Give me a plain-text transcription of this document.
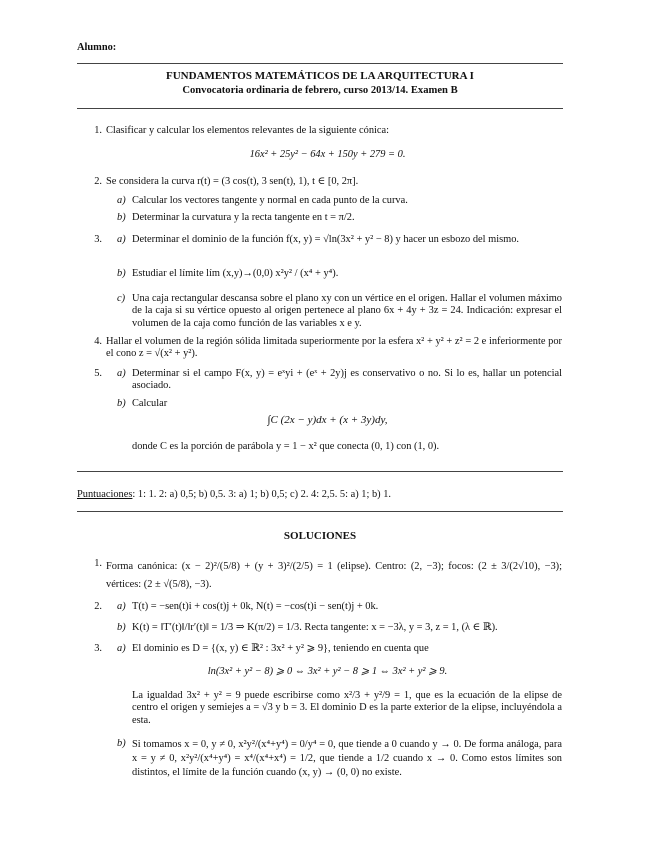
Alumno:
FUNDAMENTOS MATEMÁTICOS DE LA ARQUITECTURA I
Convocatoria ordinaria de febrero, curso 2013/14. Examen B
1. Clasificar y calcular los elementos relevantes de la siguiente cónica:
16x² + 25y² − 64x + 150y + 279 = 0.
2. Se considera la curva r(t) = (3 cos(t), 3 sen(t), 1), t ∈ [0, 2π].
a) Calcular los vectores tangente y normal en cada punto de la curva.
b) Determinar la curvatura y la recta tangente en t = π/2.
3. a) Determinar el dominio de la función f(x, y) = √ln(3x² + y² − 8) y hacer un esbozo del mismo.
b) Estudiar el límite lím (x,y)→(0,0) x²y² / (x⁴ + y⁴).
c) Una caja rectangular descansa sobre el plano xy con un vértice en el origen. Hallar el volumen máximo de la caja si su vértice opuesto al origen pertenece al plano 6x + 4y + 3z = 24. Indicación: expresar el volumen de la caja como función de las variables x e y.
4. Hallar el volumen de la región sólida limitada superiormente por la esfera x² + y² + z² = 2 e inferiormente por el cono z = √(x² + y²).
5. a) Determinar si el campo F(x, y) = eˣyi + (eˣ + 2y)j es conservativo o no. Si lo es, hallar un potencial asociado.
b) Calcular
∫C (2x − y)dx + (x + 3y)dy,
donde C es la porción de parábola y = 1 − x² que conecta (0, 1) con (1, 0).
Puntuaciones: 1: 1. 2: a) 0,5; b) 0,5. 3: a) 1; b) 0,5; c) 2. 4: 2,5. 5: a) 1; b) 1.
SOLUCIONES
1. Forma canónica: (x − 2)²/(5/8) + (y + 3)²/(2/5) = 1 (elipse). Centro: (2, −3); focos: (2 ± 3/(2√10), −3); vértices: (2 ± √(5/8), −3).
2. a) T(t) = −sen(t)i + cos(t)j + 0k, N(t) = −cos(t)i − sen(t)j + 0k.
b) K(t) = ‖T′(t)‖/‖r′(t)‖ = 1/3 ⇒ K(π/2) = 1/3. Recta tangente: x = −3λ, y = 3, z = 1, (λ ∈ ℝ).
3. a) El dominio es D = {(x, y) ∈ ℝ² : 3x² + y² ⩾ 9}, teniendo en cuenta que
ln(3x² + y² − 8) ⩾ 0 ⇔ 3x² + y² − 8 ⩾ 1 ⇔ 3x² + y² ⩾ 9.
La igualdad 3x² + y² = 9 puede escribirse como x²/3 + y²/9 = 1, que es la ecuación de la elipse de centro el origen y semiejes a = √3 y b = 3. El dominio D es la parte exterior de la elipse, incluyéndola a esta.
b) Si tomamos x = 0, y ≠ 0, x²y²/(x⁴+y⁴) = 0/y⁴ = 0, que tiende a 0 cuando y → 0. De forma análoga, para x = y ≠ 0, x²y²/(x⁴+y⁴) = x⁴/(x⁴+x⁴) = 1/2, que tiende a 1/2 cuando x → 0. Como estos límites son distintos, el límite de la función cuando (x, y) → (0, 0) no existe.
